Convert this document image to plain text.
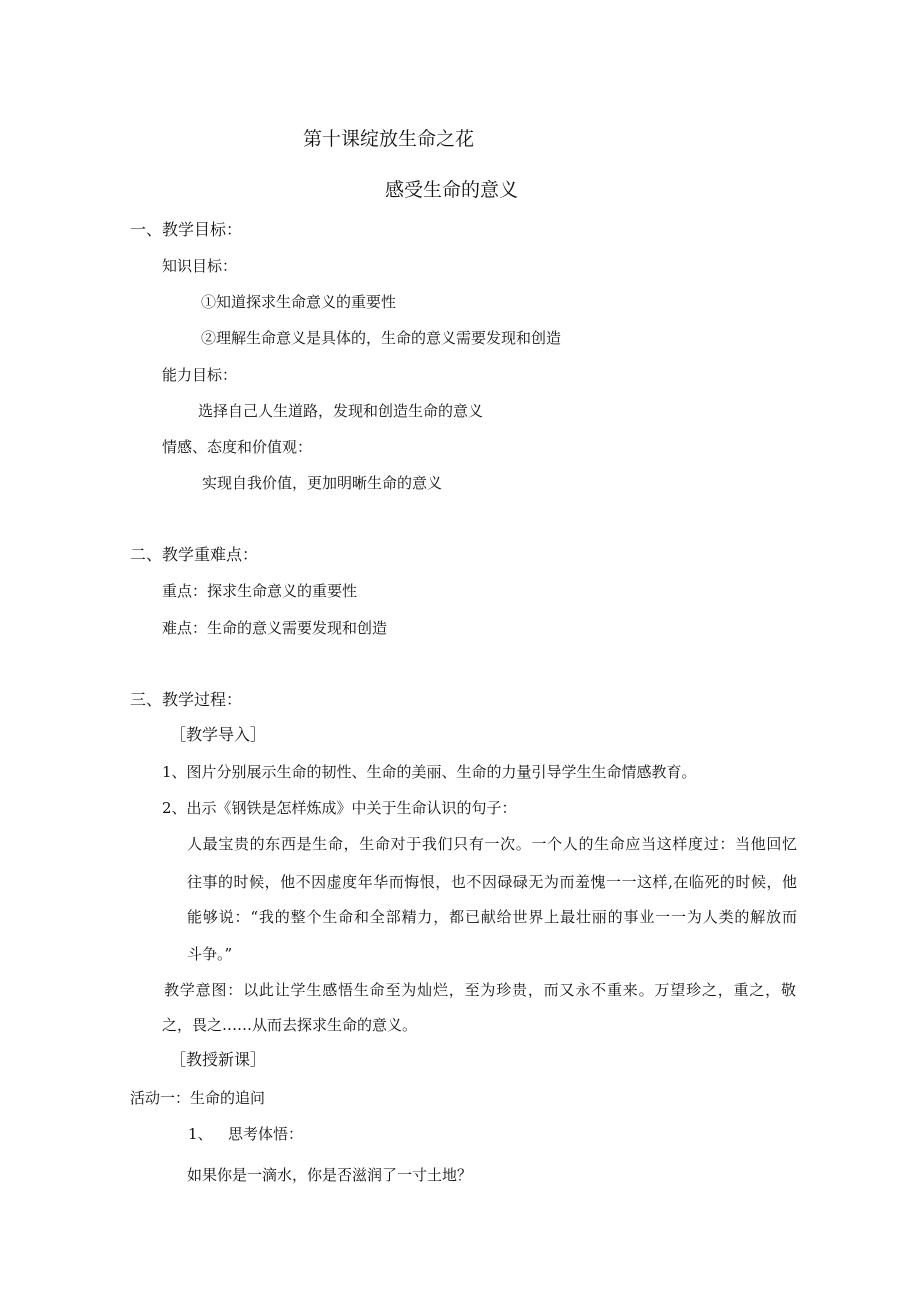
第十课绽放生命之花
感受生命的意义
一、教学目标：
知识目标：
①知道探求生命意义的重要性
②理解生命意义是具体的，生命的意义需要发现和创造
能力目标：
选择自己人生道路，发现和创造生命的意义
情感、态度和价值观：
实现自我价值，更加明晰生命的意义
二、教学重难点：
重点：探求生命意义的重要性
难点：生命的意义需要发现和创造
三、教学过程：
［教学导入］
1、图片分别展示生命的韧性、生命的美丽、生命的力量引导学生生命情感教育。
2、出示《钢铁是怎样炼成》中关于生命认识的句子：
人最宝贵的东西是生命，生命对于我们只有一次。一个人的生命应当这样度过：当他回忆
往事的时候，他不因虚度年华而悔恨，也不因碌碌无为而羞愧一一这样,在临死的时候，他
能够说：“我的整个生命和全部精力，都已献给世界上最壮丽的事业一一为人类的解放而
斗争。”
教学意图：以此让学生感悟生命至为灿烂，至为珍贵，而又永不重来。万望珍之，重之，敬
之，畏之……从而去探求生命的意义。
［教授新课］
活动一：生命的追问
1、 思考体悟：
如果你是一滴水，你是否滋润了一寸土地？
